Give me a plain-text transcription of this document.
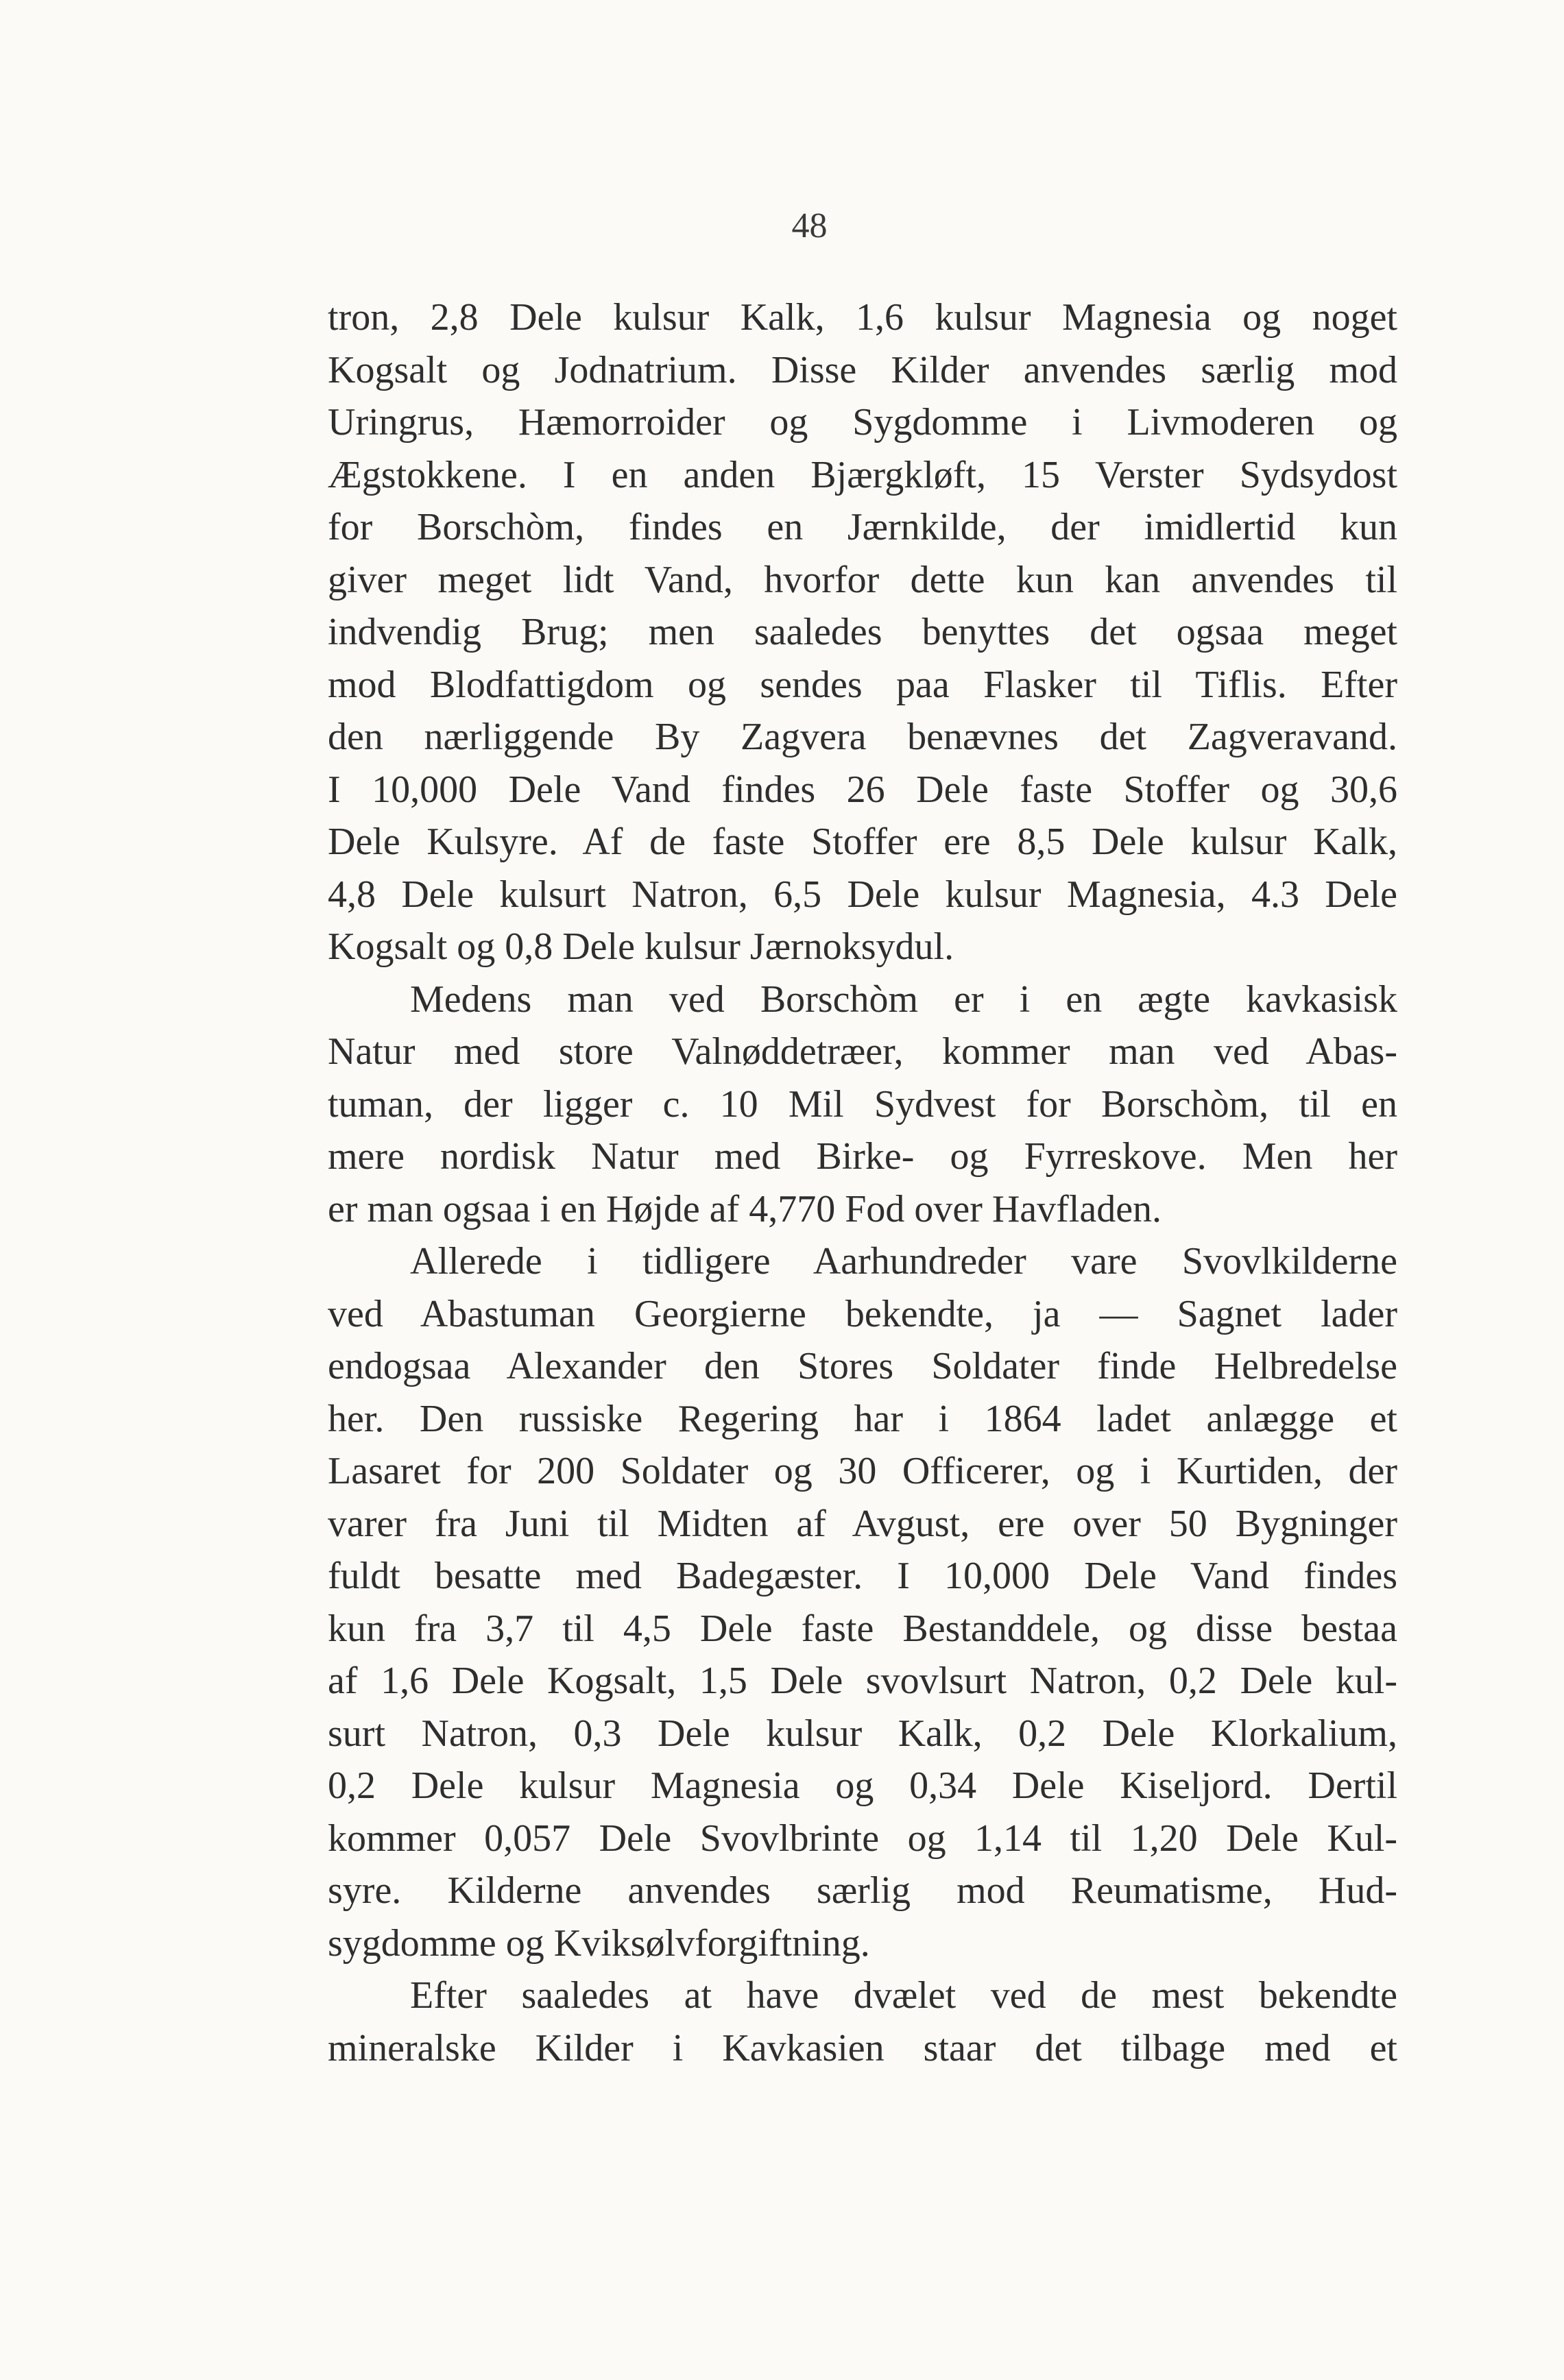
48
tron, 2,8 Dele kulsur Kalk, 1,6 kulsur Magnesia og noget
Kogsalt og Jodnatrium. Disse Kilder anvendes særlig mod
Uringrus, Hæmorroider og Sygdomme i Livmoderen og
Ægstokkene. I en anden Bjærgkløft, 15 Verster Sydsydost
for Borschòm, findes en Jærnkilde, der imidlertid kun
giver meget lidt Vand, hvorfor dette kun kan anvendes til
indvendig Brug; men saaledes benyttes det ogsaa meget
mod Blodfattigdom og sendes paa Flasker til Tiflis. Efter
den nærliggende By Zagvera benævnes det Zagveravand.
I 10,000 Dele Vand findes 26 Dele faste Stoffer og 30,6
Dele Kulsyre. Af de faste Stoffer ere 8,5 Dele kulsur Kalk,
4,8 Dele kulsurt Natron, 6,5 Dele kulsur Magnesia, 4.3 Dele
Kogsalt og 0,8 Dele kulsur Jærnoksydul.
Medens man ved Borschòm er i en ægte kavkasisk
Natur med store Valnøddetræer, kommer man ved Abas-
tuman, der ligger c. 10 Mil Sydvest for Borschòm, til en
mere nordisk Natur med Birke- og Fyrreskove. Men her
er man ogsaa i en Højde af 4,770 Fod over Havfladen.
Allerede i tidligere Aarhundreder vare Svovlkilderne
ved Abastuman Georgierne bekendte, ja — Sagnet lader
endogsaa Alexander den Stores Soldater finde Helbredelse
her. Den russiske Regering har i 1864 ladet anlægge et
Lasaret for 200 Soldater og 30 Officerer, og i Kurtiden, der
varer fra Juni til Midten af Avgust, ere over 50 Bygninger
fuldt besatte med Badegæster. I 10,000 Dele Vand findes
kun fra 3,7 til 4,5 Dele faste Bestanddele, og disse bestaa
af 1,6 Dele Kogsalt, 1,5 Dele svovlsurt Natron, 0,2 Dele kul-
surt Natron, 0,3 Dele kulsur Kalk, 0,2 Dele Klorkalium,
0,2 Dele kulsur Magnesia og 0,34 Dele Kiseljord. Dertil
kommer 0,057 Dele Svovlbrinte og 1,14 til 1,20 Dele Kul-
syre. Kilderne anvendes særlig mod Reumatisme, Hud-
sygdomme og Kviksølvforgiftning.
Efter saaledes at have dvælet ved de mest bekendte
mineralske Kilder i Kavkasien staar det tilbage med et
